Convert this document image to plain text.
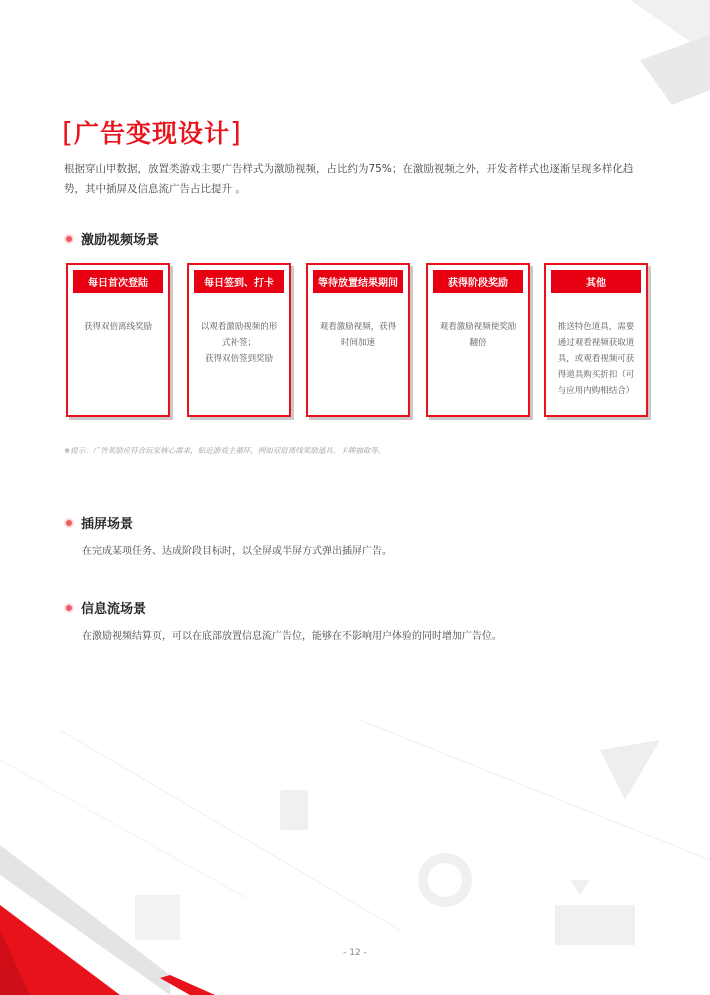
[广告变现设计]
根据穿山甲数据，放置类游戏主要广告样式为激励视频，占比约为75%；在激励视频之外，开发者样式也逐渐呈现多样化趋
势，其中插屏及信息流广告占比提升 。
激励视频场景
每日首次登陆
获得双倍离线奖励
每日签到、打卡
以观看激励视频的形
式补签；
获得双倍签到奖励
等待放置结果期间
观看激励视频，获得
时间加速
获得阶段奖励
观看激励视频使奖励
翻倍
其他
推送特色道具，需要
通过观看视频获取道
具，或观看视频可获
得道具购买折扣（可
与应用内购相结合）
※提示：广告奖励应符合玩家核心需求，贴近游戏主循环，例如双倍离线奖励道具、卡牌抽取等。
插屏场景
在完成某项任务、达成阶段目标时，以全屏或半屏方式弹出插屏广告。
信息流场景
在激励视频结算页，可以在底部放置信息流广告位，能够在不影响用户体验的同时增加广告位。
- 12 -
